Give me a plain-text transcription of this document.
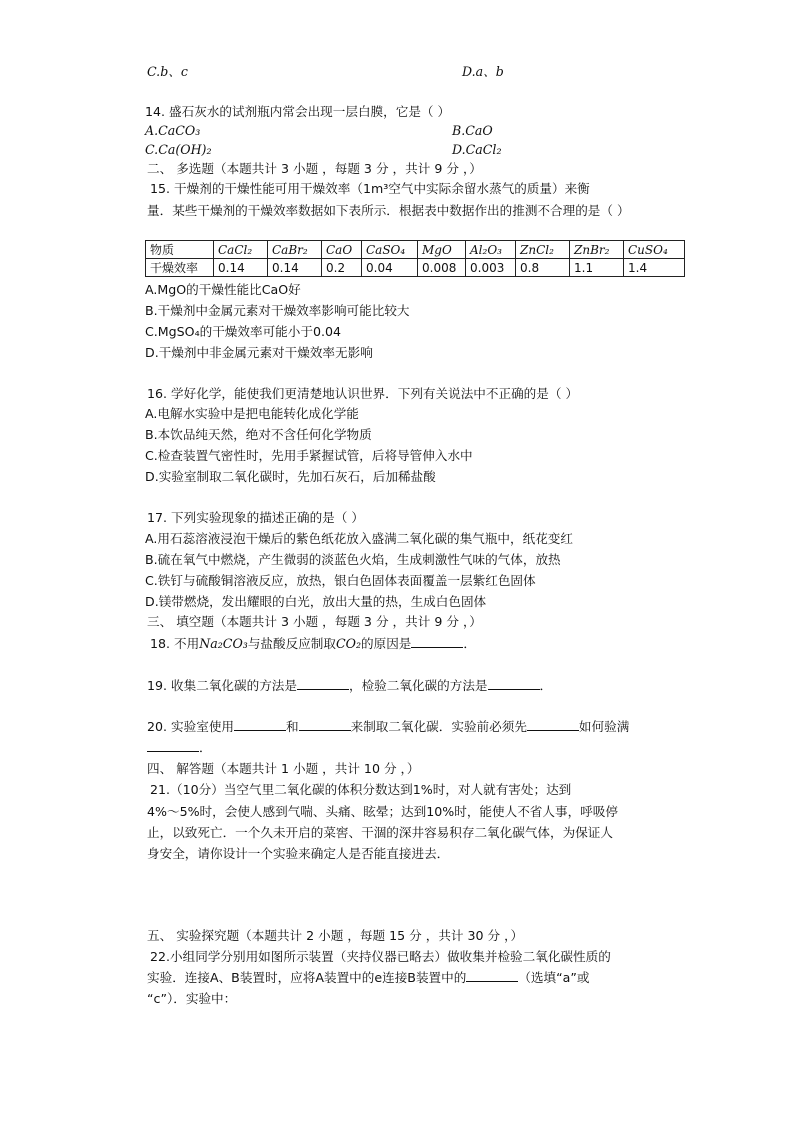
C.b、c	D.a、b
14. 盛石灰水的试剂瓶内常会出现一层白膜，它是（ ）
A.CaCO₃	B.CaO
C.Ca(OH)₂	D.CaCl₂
二、 多选题（本题共计 3 小题 ，每题 3 分 ，共计 9 分 ，）
15. 干燥剂的干燥性能可用干燥效率（1m³空气中实际余留水蒸气的质量）来衡
量．某些干燥剂的干燥效率数据如下表所示．根据表中数据作出的推测不合理的是（ ）
物质	CaCl₂	CaBr₂	CaO	CaSO₄	MgO	Al₂O₃	ZnCl₂	ZnBr₂	CuSO₄
干燥效率	0.14	0.14	0.2	0.04	0.008	0.003	0.8	1.1	1.4
A.MgO的干燥性能比CaO好
B.干燥剂中金属元素对干燥效率影响可能比较大
C.MgSO₄的干燥效率可能小于0.04
D.干燥剂中非金属元素对干燥效率无影响
16. 学好化学，能使我们更清楚地认识世界．下列有关说法中不正确的是（ ）
A.电解水实验中是把电能转化成化学能
B.本饮品纯天然，绝对不含任何化学物质
C.检查装置气密性时，先用手紧握试管，后将导管伸入水中
D.实验室制取二氧化碳时，先加石灰石，后加稀盐酸
17. 下列实验现象的描述正确的是（ ）
A.用石蕊溶液浸泡干燥后的紫色纸花放入盛满二氧化碳的集气瓶中，纸花变红
B.硫在氧气中燃烧，产生微弱的淡蓝色火焰，生成刺激性气味的气体，放热
C.铁钉与硫酸铜溶液反应，放热，银白色固体表面覆盖一层紫红色固体
D.镁带燃烧，发出耀眼的白光，放出大量的热，生成白色固体
三、 填空题（本题共计 3 小题 ，每题 3 分 ，共计 9 分 ，）
18. 不用Na₂CO₃与盐酸反应制取CO₂的原因是	．
19. 收集二氧化碳的方法是	，检验二氧化碳的方法是	．
20. 实验室使用	和	来制取二氧化碳．实验前必须先	如何验满
．
四、 解答题（本题共计 1 小题 ，共计 10 分 ，）
21.（10分）当空气里二氧化碳的体积分数达到1%时，对人就有害处；达到
4%～5%时，会使人感到气喘、头痛、眩晕；达到10%时，能使人不省人事，呼吸停
止，以致死亡．一个久未开启的菜窖、干涸的深井容易积存二氧化碳气体，为保证人
身安全，请你设计一个实验来确定人是否能直接进去．
五、 实验探究题（本题共计 2 小题 ，每题 15 分 ，共计 30 分 ，）
22.小组同学分别用如图所示装置（夹持仪器已略去）做收集并检验二氧化碳性质的
实验．连接A、B装置时，应将A装置中的e连接B装置中的	（选填“a”或
“c”）．实验中：
